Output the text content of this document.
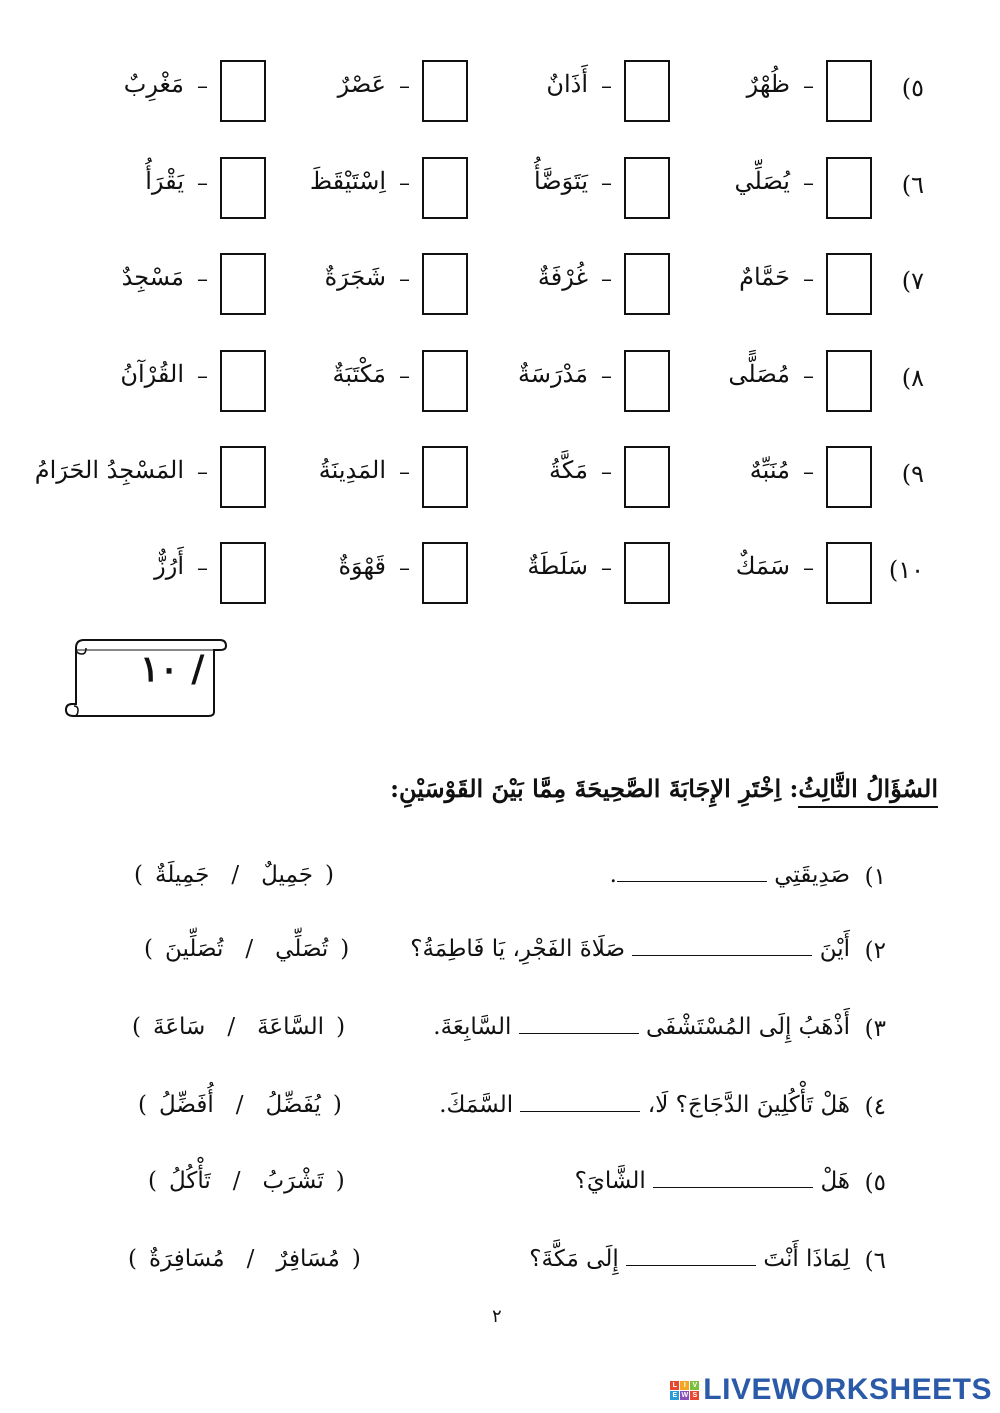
٥)
–
ظُهْرٌ
–
أَذَانٌ
–
عَصْرٌ
–
مَغْرِبٌ
٦)
–
يُصَلِّي
–
يَتَوَضَّأُ
–
اِسْتَيْقَظَ
–
يَقْرَأُ
٧)
–
حَمَّامٌ
–
غُرْفَةٌ
–
شَجَرَةٌ
–
مَسْجِدٌ
٨)
–
مُصَلًّى
–
مَدْرَسَةٌ
–
مَكْتَبَةٌ
–
القُرْآنُ
٩)
–
مُنَبِّهٌ
–
مَكَّةُ
–
المَدِينَةُ
–
المَسْجِدُ الحَرَامُ
١٠)
–
سَمَكٌ
–
سَلَطَةٌ
–
قَهْوَةٌ
–
أَرُزٌّ
/ ١٠
السُؤَالُ الثَّالِثُ: اِخْتَرِ الإِجَابَةَ الصَّحِيحَةَ مِمَّا بَيْنَ القَوْسَيْنِ:
١)
صَدِيقَتِي .
(جَمِيلٌ/جَمِيلَةٌ)
٢)
أَيْنَ  صَلَاةَ الفَجْرِ، يَا فَاطِمَةُ؟
(تُصَلِّي/تُصَلِّينَ)
٣)
أَذْهَبُ إِلَى المُسْتَشْفَى  السَّابِعَةَ.
(السَّاعَةَ/سَاعَةَ)
٤)
هَلْ تَأْكُلِينَ الدَّجَاجَ؟ لَا،  السَّمَكَ.
(يُفَضِّلُ/أُفَضِّلُ)
٥)
هَلْ  الشَّايَ؟
(تَشْرَبُ/تَأْكُلُ)
٦)
لِمَاذَا أَنْتَ  إِلَى مَكَّةَ؟
(مُسَافِرٌ/مُسَافِرَةٌ)
٢
L I V
E W S LIVEWORKSHEETS
